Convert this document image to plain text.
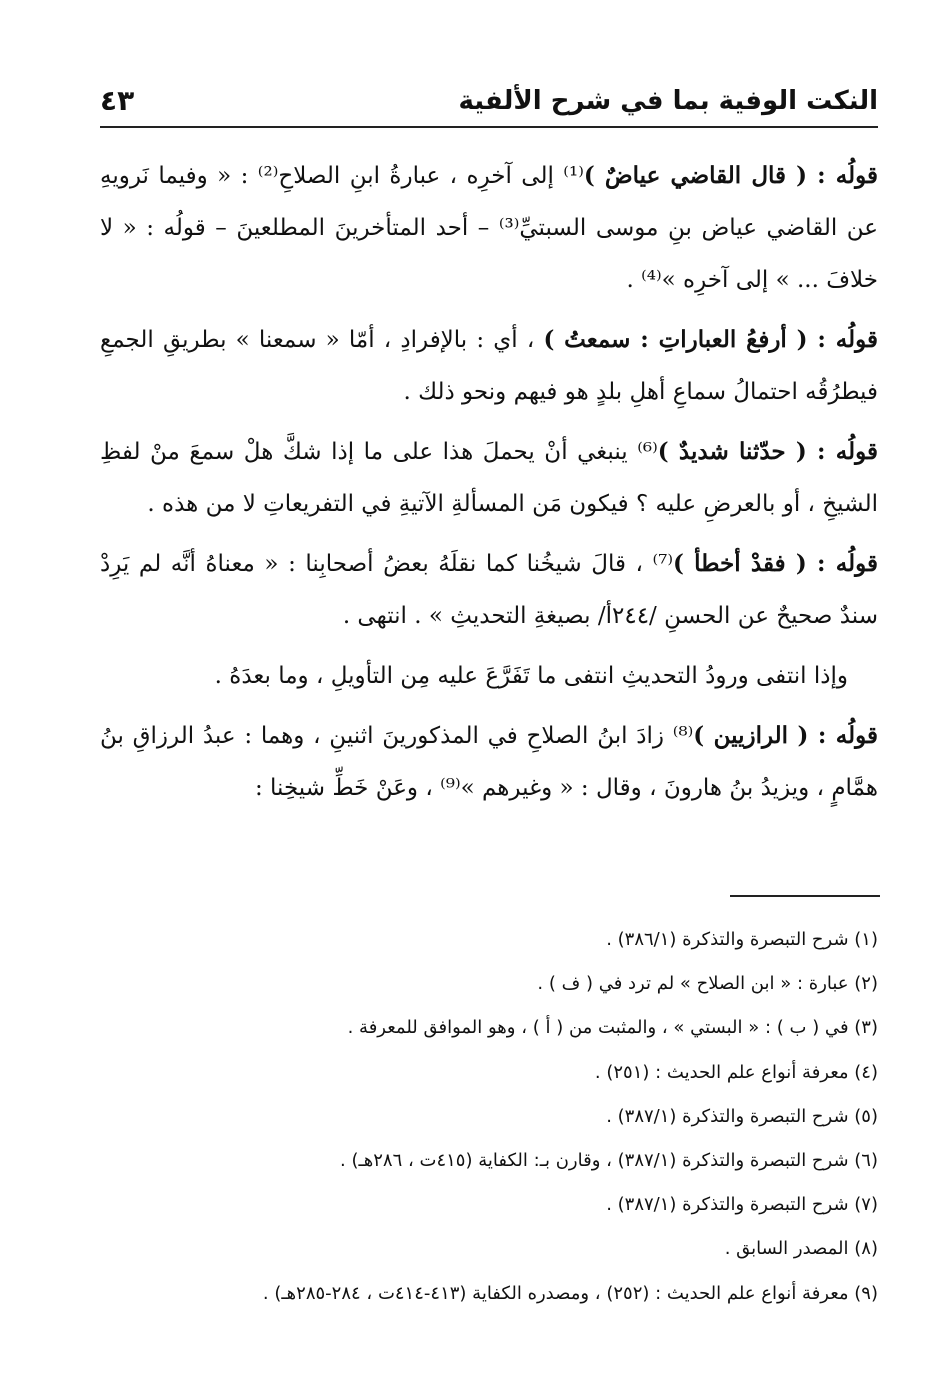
النكت الوفية بما في شرح الألفية
٤٣

قولُه : ( قال القاضي عياضٌ )⁽¹⁾ إلى آخرِه ، عبارةُ ابنِ الصلاحِ⁽²⁾ : « وفيما نَرويهِ عن القاضي عياض بنِ موسى السبتيِّ⁽³⁾ – أحد المتأخرينَ المطلعينَ – قولُه : « لا خلافَ ... » إلى آخرِه »⁽⁴⁾ .

قولُه : ( أرفعُ العباراتِ : سمعتُ ) ، أي : بالإفرادِ ، أمّا « سمعنا » بطريقِ الجمعِ فيطرُقُه احتمالُ سماعِ أهلِ بلدٍ هو فيهم ونحو ذلك .

قولُه : ( حدّثنا شديدٌ )⁽⁶⁾ ينبغي أنْ يحملَ هذا على ما إذا شكَّ هلْ سمعَ منْ لفظِ الشيخِ ، أو بالعرضِ عليه ؟ فيكون مَن المسألةِ الآتيةِ في التفريعاتِ لا من هذه .

قولُه : ( فقدْ أخطأ )⁽⁷⁾ ، قالَ شيخُنا كما نقلَهُ بعضُ أصحابِنا : « معناهُ أنَّه لم يَرِدْ سندٌ صحيحٌ عن الحسنِ /٢٤٤أ/ بصيغةِ التحديثِ » . انتهى .

وإذا انتفى ورودُ التحديثِ انتفى ما تَفَرَّعَ عليه مِن التأويلِ ، وما بعدَهُ .

قولُه : ( الرازيين )⁽⁸⁾ زادَ ابنُ الصلاحِ في المذكورينَ اثنينِ ، وهما : عبدُ الرزاقِ بنُ همَّامٍ ، ويزيدُ بنُ هارونَ ، وقال : « وغيرهم »⁽⁹⁾ ، وعَنْ خَطِّ شيخِنا :

(١) شرح التبصرة والتذكرة (٣٨٦/١) .
(٢) عبارة : « ابن الصلاح » لم ترد في ( ف ) .
(٣) في ( ب ) : « البستي » ، والمثبت من ( أ ) ، وهو الموافق للمعرفة .
(٤) معرفة أنواع علم الحديث : (٢٥١) .
(٥) شرح التبصرة والتذكرة (٣٨٧/١) .
(٦) شرح التبصرة والتذكرة (٣٨٧/١) ، وقارن بـ: الكفاية (٤١٥ت ، ٢٨٦هـ) .
(٧) شرح التبصرة والتذكرة (٣٨٧/١) .
(٨) المصدر السابق .
(٩) معرفة أنواع علم الحديث : (٢٥٢) ، ومصدره الكفاية (٤١٣-٤١٤ت ، ٢٨٤-٢٨٥هـ) .
